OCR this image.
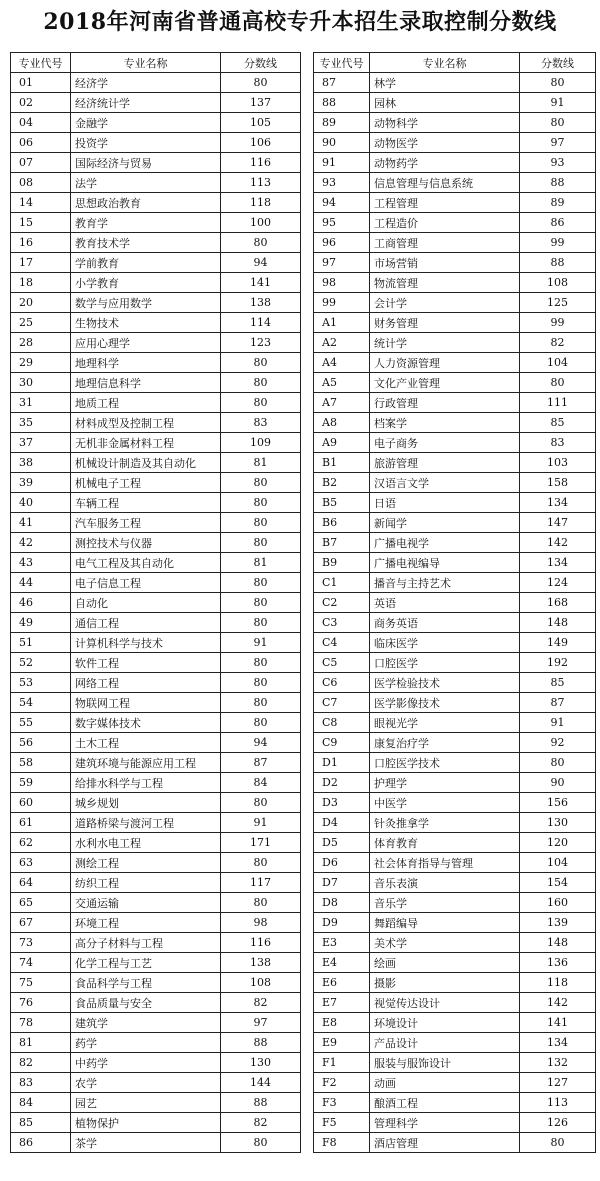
2018年河南省普通高校专升本招生录取控制分数线
专业代号	专业名称	分数线
01	经济学	80
02	经济统计学	137
04	金融学	105
06	投资学	106
07	国际经济与贸易	116
08	法学	113
14	思想政治教育	118
15	教育学	100
16	教育技术学	80
17	学前教育	94
18	小学教育	141
20	数学与应用数学	138
25	生物技术	114
28	应用心理学	123
29	地理科学	80
30	地理信息科学	80
31	地质工程	80
35	材料成型及控制工程	83
37	无机非金属材料工程	109
38	机械设计制造及其自动化	81
39	机械电子工程	80
40	车辆工程	80
41	汽车服务工程	80
42	测控技术与仪器	80
43	电气工程及其自动化	81
44	电子信息工程	80
46	自动化	80
49	通信工程	80
51	计算机科学与技术	91
52	软件工程	80
53	网络工程	80
54	物联网工程	80
55	数字媒体技术	80
56	土木工程	94
58	建筑环境与能源应用工程	87
59	给排水科学与工程	84
60	城乡规划	80
61	道路桥梁与渡河工程	91
62	水利水电工程	171
63	测绘工程	80
64	纺织工程	117
65	交通运输	80
67	环境工程	98
73	高分子材料与工程	116
74	化学工程与工艺	138
75	食品科学与工程	108
76	食品质量与安全	82
78	建筑学	97
81	药学	88
82	中药学	130
83	农学	144
84	园艺	88
85	植物保护	82
86	茶学	80
专业代号	专业名称	分数线
87	林学	80
88	园林	91
89	动物科学	80
90	动物医学	97
91	动物药学	93
93	信息管理与信息系统	88
94	工程管理	89
95	工程造价	86
96	工商管理	99
97	市场营销	88
98	物流管理	108
99	会计学	125
A1	财务管理	99
A2	统计学	82
A4	人力资源管理	104
A5	文化产业管理	80
A7	行政管理	111
A8	档案学	85
A9	电子商务	83
B1	旅游管理	103
B2	汉语言文学	158
B5	日语	134
B6	新闻学	147
B7	广播电视学	142
B9	广播电视编导	134
C1	播音与主持艺术	124
C2	英语	168
C3	商务英语	148
C4	临床医学	149
C5	口腔医学	192
C6	医学检验技术	85
C7	医学影像技术	87
C8	眼视光学	91
C9	康复治疗学	92
D1	口腔医学技术	80
D2	护理学	90
D3	中医学	156
D4	针灸推拿学	130
D5	体育教育	120
D6	社会体育指导与管理	104
D7	音乐表演	154
D8	音乐学	160
D9	舞蹈编导	139
E3	美术学	148
E4	绘画	136
E6	摄影	118
E7	视觉传达设计	142
E8	环境设计	141
E9	产品设计	134
F1	服装与服饰设计	132
F2	动画	127
F3	酿酒工程	113
F5	管理科学	126
F8	酒店管理	80
